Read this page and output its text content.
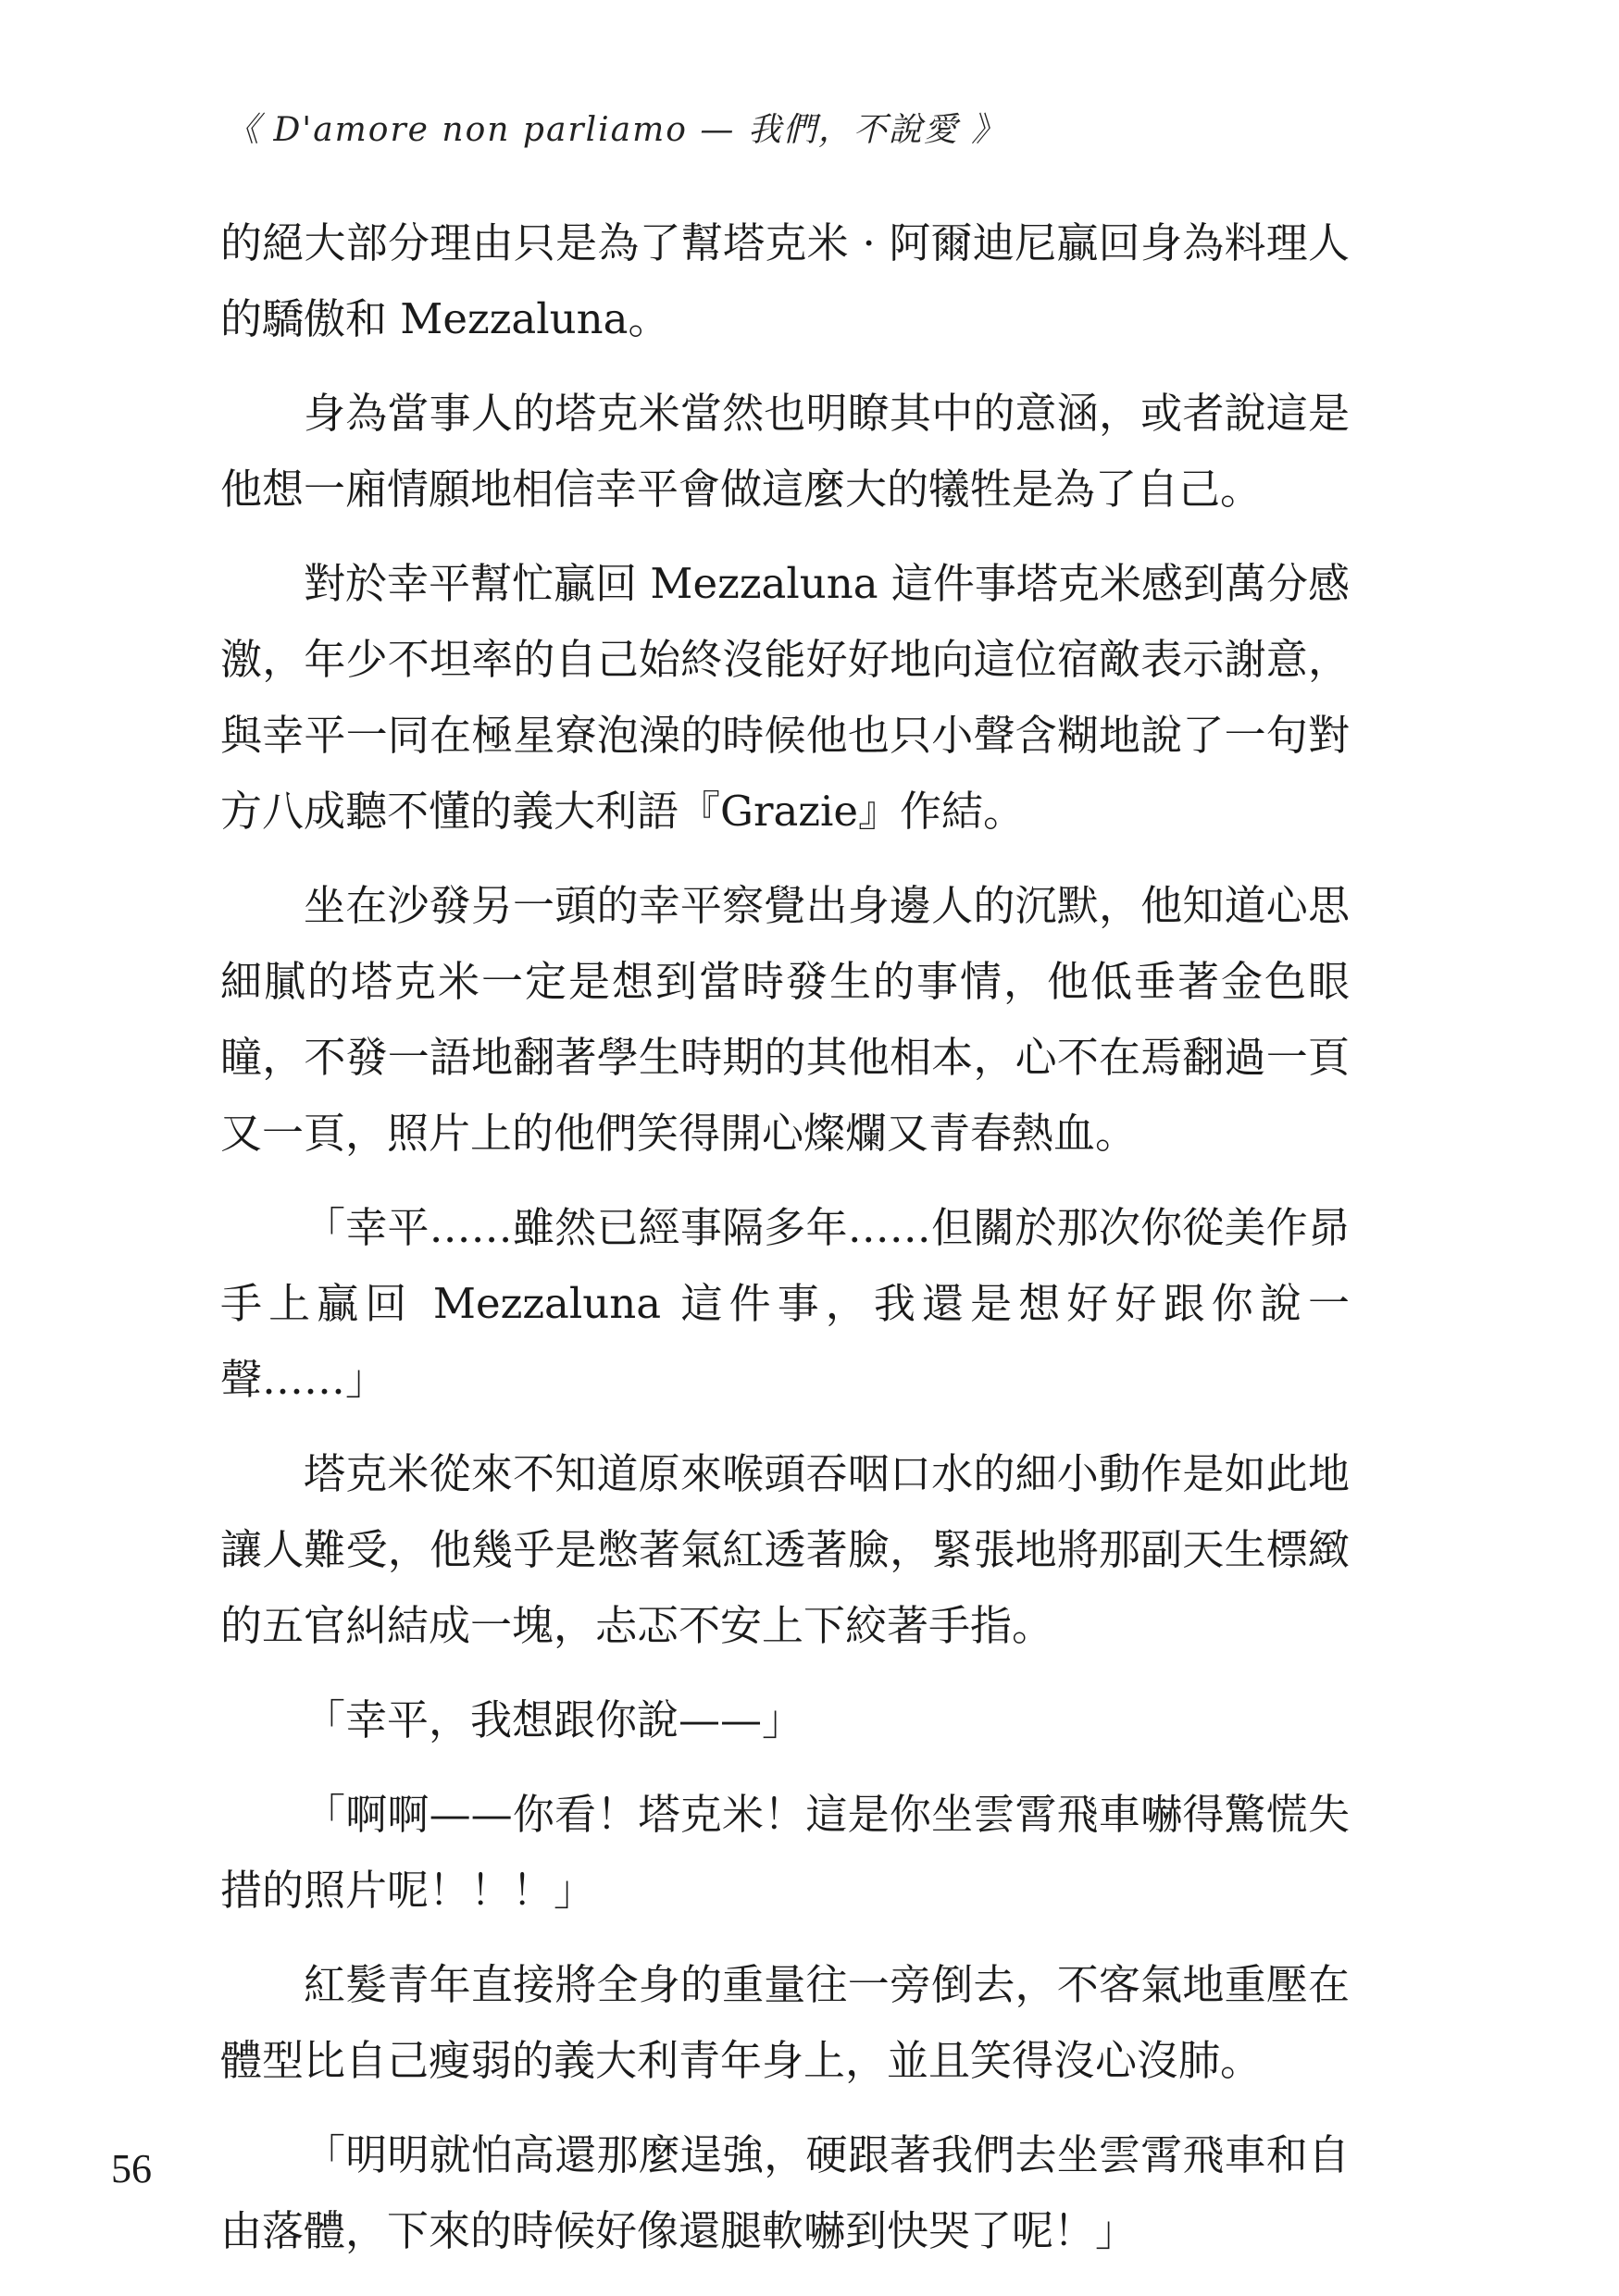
《 D'amore non parliamo — 我們，不說愛 》

的絕大部分理由只是為了幫塔克米 · 阿爾迪尼贏回身為料理人的驕傲和 Mezzaluna。

身為當事人的塔克米當然也明瞭其中的意涵，或者說這是他想一廂情願地相信幸平會做這麼大的犧牲是為了自己。

對於幸平幫忙贏回 Mezzaluna 這件事塔克米感到萬分感激，年少不坦率的自己始終沒能好好地向這位宿敵表示謝意，與幸平一同在極星寮泡澡的時候他也只小聲含糊地說了一句對方八成聽不懂的義大利語『Grazie』作結。

坐在沙發另一頭的幸平察覺出身邊人的沉默，他知道心思細膩的塔克米一定是想到當時發生的事情，他低垂著金色眼瞳，不發一語地翻著學生時期的其他相本，心不在焉翻過一頁又一頁，照片上的他們笑得開心燦爛又青春熱血。

「幸平……雖然已經事隔多年……但關於那次你從美作昴手上贏回 Mezzaluna 這件事，我還是想好好跟你說一聲……」

塔克米從來不知道原來喉頭吞咽口水的細小動作是如此地讓人難受，他幾乎是憋著氣紅透著臉，緊張地將那副天生標緻的五官糾結成一塊，忐忑不安上下絞著手指。

「幸平，我想跟你說——」

「啊啊——你看！塔克米！這是你坐雲霄飛車嚇得驚慌失措的照片呢！！！」

紅髮青年直接將全身的重量往一旁倒去，不客氣地重壓在體型比自己瘦弱的義大利青年身上，並且笑得沒心沒肺。

「明明就怕高還那麼逞強，硬跟著我們去坐雲霄飛車和自由落體，下來的時候好像還腿軟嚇到快哭了呢！」

56
